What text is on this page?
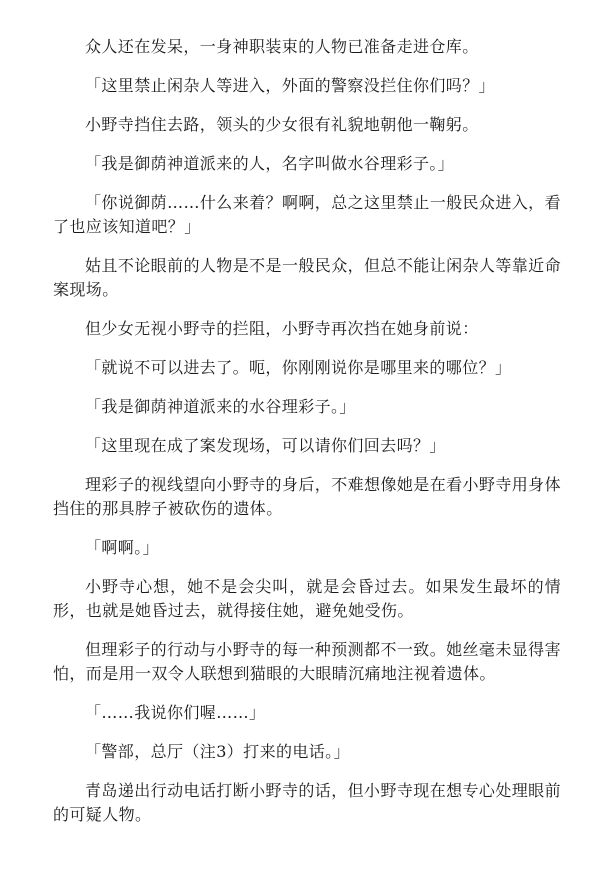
众人还在发呆，一身神职装束的人物已准备走进仓库。

「这里禁止闲杂人等进入，外面的警察没拦住你们吗？」

小野寺挡住去路，领头的少女很有礼貌地朝他一鞠躬。

「我是御荫神道派来的人，名字叫做水谷理彩子。」

「你说御荫……什么来着？啊啊，总之这里禁止一般民众进入，看了也应该知道吧？」

姑且不论眼前的人物是不是一般民众，但总不能让闲杂人等靠近命案现场。

但少女无视小野寺的拦阻，小野寺再次挡在她身前说：

「就说不可以进去了。呃，你刚刚说你是哪里来的哪位？」

「我是御荫神道派来的水谷理彩子。」

「这里现在成了案发现场，可以请你们回去吗？」

理彩子的视线望向小野寺的身后，不难想像她是在看小野寺用身体挡住的那具脖子被砍伤的遗体。

「啊啊。」

小野寺心想，她不是会尖叫，就是会昏过去。如果发生最坏的情形，也就是她昏过去，就得接住她，避免她受伤。

但理彩子的行动与小野寺的每一种预测都不一致。她丝毫未显得害怕，而是用一双令人联想到猫眼的大眼睛沉痛地注视着遗体。

「……我说你们喔……」

「警部，总厅（注3）打来的电话。」

青岛递出行动电话打断小野寺的话，但小野寺现在想专心处理眼前的可疑人物。
